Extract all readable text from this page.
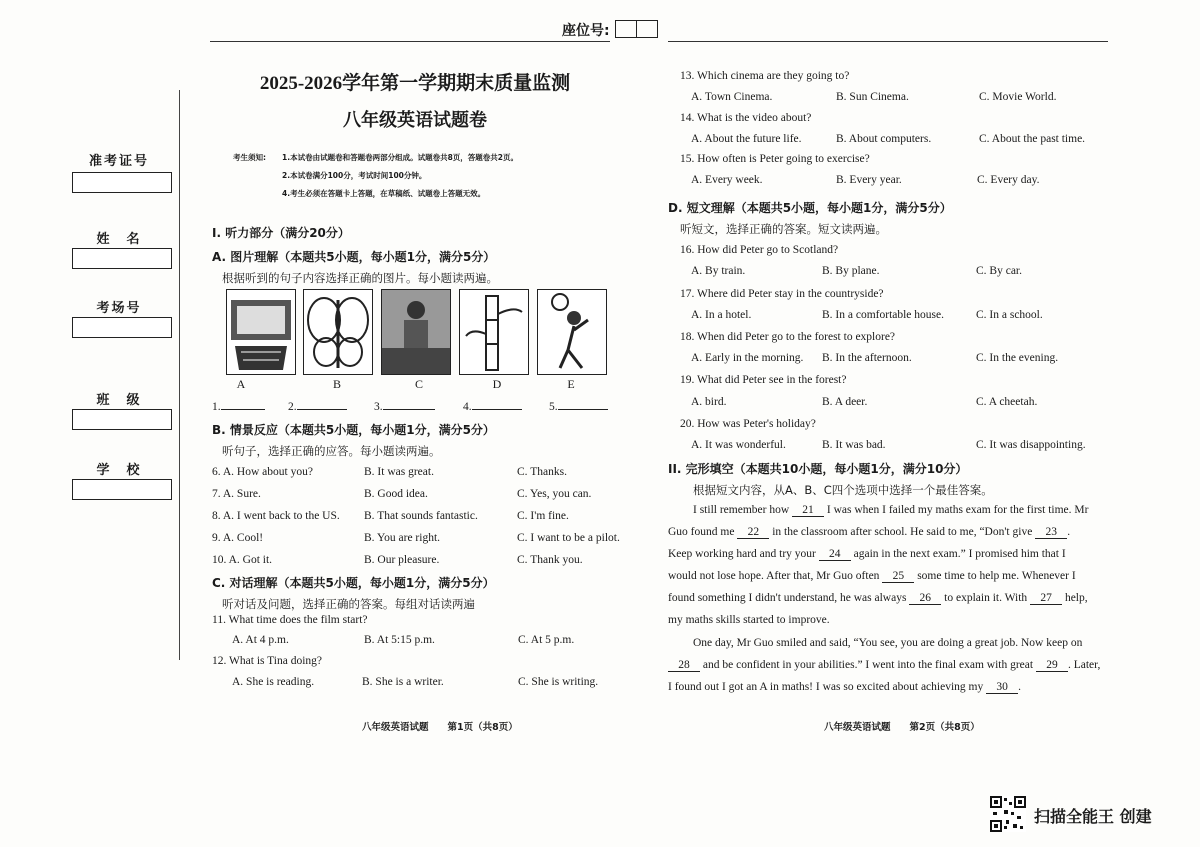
座位号:
准考证号
姓　名
考场号
班　级
学　校
2025-2026学年第一学期期末质量监测
八年级英语试题卷
考生须知: 1.本试卷由试题卷和答题卷两部分组成。试题卷共8页，答题卷共2页。
2.本试卷满分100分，考试时间100分钟。
4.考生必须在答题卡上答题，在草稿纸、试题卷上答题无效。
I. 听力部分（满分20分）
A. 图片理解（本题共5小题，每小题1分，满分5分）
根据听到的句子内容选择正确的图片。每小题读两遍。
A	B	C	D	E
1.	2.	3.	4.	5.
B. 情景反应（本题共5小题，每小题1分，满分5分）
听句子，选择正确的应答。每小题读两遍。
6. A. How about you?	B. It was great.	C. Thanks.
7. A. Sure.	B. Good idea.	C. Yes, you can.
8. A. I went back to the US. B. That sounds fantastic.	C. I'm fine.
9. A. Cool!	B. You are right.	C. I want to be a pilot.
10. A. Got it.	B. Our pleasure.	C. Thank you.
C. 对话理解（本题共5小题，每小题1分，满分5分）
听对话及问题，选择正确的答案。每组对话读两遍
11. What time does the film start?
A. At 4 p.m.	B. At 5:15 p.m.	C. At 5 p.m.
12. What is Tina doing?
A. She is reading.	B. She is a writer.	C. She is writing.
13. Which cinema are they going to?
A. Town Cinema.	B. Sun Cinema.	C. Movie World.
14. What is the video about?
A. About the future life.	B. About computers.	C. About the past time.
15. How often is Peter going to exercise?
A. Every week.	B. Every year.	C. Every day.
D. 短文理解（本题共5小题，每小题1分，满分5分）
听短文，选择正确的答案。短文读两遍。
16. How did Peter go to Scotland?
A. By train.	B. By plane.	C. By car.
17. Where did Peter stay in the countryside?
A. In a hotel.	B. In a comfortable house.	C. In a school.
18. When did Peter go to the forest to explore?
A. Early in the morning. B. In the afternoon.	C. In the evening.
19. What did Peter see in the forest?
A. bird.	B. A deer.	C. A cheetah.
20. How was Peter's holiday?
A. It was wonderful.	B. It was bad.	C. It was disappointing.
II. 完形填空（本题共10小题，每小题1分，满分10分）
根据短文内容，从A、B、C四个选项中选择一个最佳答案。
I still remember how 21 I was when I failed my maths exam for the first time. Mr
Guo found me 22 in the classroom after school. He said to me, “Don't give 23 .
Keep working hard and try your 24 again in the next exam.” I promised him that I
would not lose hope. After that, Mr Guo often 25 some time to help me. Whenever I
found something I didn't understand, he was always 26 to explain it. With 27 help,
my maths skills started to improve.
One day, Mr Guo smiled and said, “You see, you are doing a great job. Now keep on
28 and be confident in your abilities.” I went into the final exam with great 29 . Later,
I found out I got an A in maths! I was so excited about achieving my 30 .
八年级英语试题　　第1页（共8页）	八年级英语试题　　第2页（共8页）
扫描全能王 创建
